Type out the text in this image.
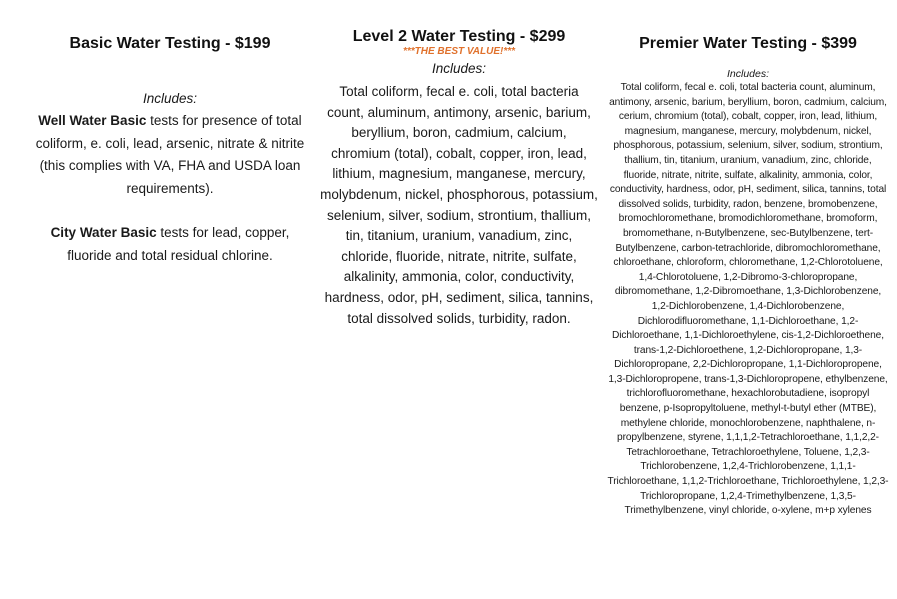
Basic Water Testing - $199

Includes:

Well Water Basic tests for presence of total coliform, e. coli, lead, arsenic, nitrate & nitrite (this complies with VA, FHA and USDA loan requirements).

City Water Basic tests for lead, copper, fluoride and total residual chlorine.

Level 2 Water Testing - $299

***THE BEST VALUE!***

Includes:

Total coliform, fecal e. coli, total bacteria count, aluminum, antimony, arsenic, barium, beryllium, boron, cadmium, calcium, chromium (total), cobalt, copper, iron, lead, lithium, magnesium, manganese, mercury, molybdenum, nickel, phosphorous, potassium, selenium, silver, sodium, strontium, thallium, tin, titanium, uranium, vanadium, zinc, chloride, fluoride, nitrate, nitrite, sulfate, alkalinity, ammonia, color, conductivity, hardness, odor, pH, sediment, silica, tannins, total dissolved solids, turbidity, radon.

Premier Water Testing - $399

Includes:

Total coliform, fecal e. coli, total bacteria count, aluminum, antimony, arsenic, barium, beryllium, boron, cadmium, calcium, cerium, chromium (total), cobalt, copper, iron, lead, lithium, magnesium, manganese, mercury, molybdenum, nickel, phosphorous, potassium, selenium, silver, sodium, strontium, thallium, tin, titanium, uranium, vanadium, zinc, chloride, fluoride, nitrate, nitrite, sulfate, alkalinity, ammonia, color, conductivity, hardness, odor, pH, sediment, silica, tannins, total dissolved solids, turbidity, radon, benzene, bromobenzene, bromochloromethane, bromodichloromethane, bromoform, bromomethane, n-Butylbenzene, sec-Butylbenzene, tert-Butylbenzene, carbon-tetrachloride, dibromochloromethane, chloroethane, chloroform, chloromethane, 1,2-Chlorotoluene, 1,4-Chlorotoluene, 1,2-Dibromo-3-chloropropane, dibromomethane, 1,2-Dibromoethane, 1,3-Dichlorobenzene, 1,2-Dichlorobenzene, 1,4-Dichlorobenzene, Dichlorodifluoromethane, 1,1-Dichloroethane, 1,2-Dichloroethane, 1,1-Dichloroethylene, cis-1,2-Dichloroethene, trans-1,2-Dichloroethene, 1,2-Dichloropropane, 1,3-Dichloropropane, 2,2-Dichloropropane, 1,1-Dichloropropene, 1,3-Dichloropropene, trans-1,3-Dichloropropene, ethylbenzene, trichlorofluoromethane, hexachlorobutadiene, isopropyl benzene, p-Isopropyltoluene, methyl-t-butyl ether (MTBE), methylene chloride, monochlorobenzene, naphthalene, n-propylbenzene, styrene, 1,1,1,2-Tetrachloroethane, 1,1,2,2-Tetrachloroethane, Tetrachloroethylene, Toluene, 1,2,3-Trichlorobenzene, 1,2,4-Trichlorobenzene, 1,1,1-Trichloroethane, 1,1,2-Trichloroethane, Trichloroethylene, 1,2,3-Trichloropropane, 1,2,4-Trimethylbenzene, 1,3,5-Trimethylbenzene, vinyl chloride, o-xylene, m+p xylenes
